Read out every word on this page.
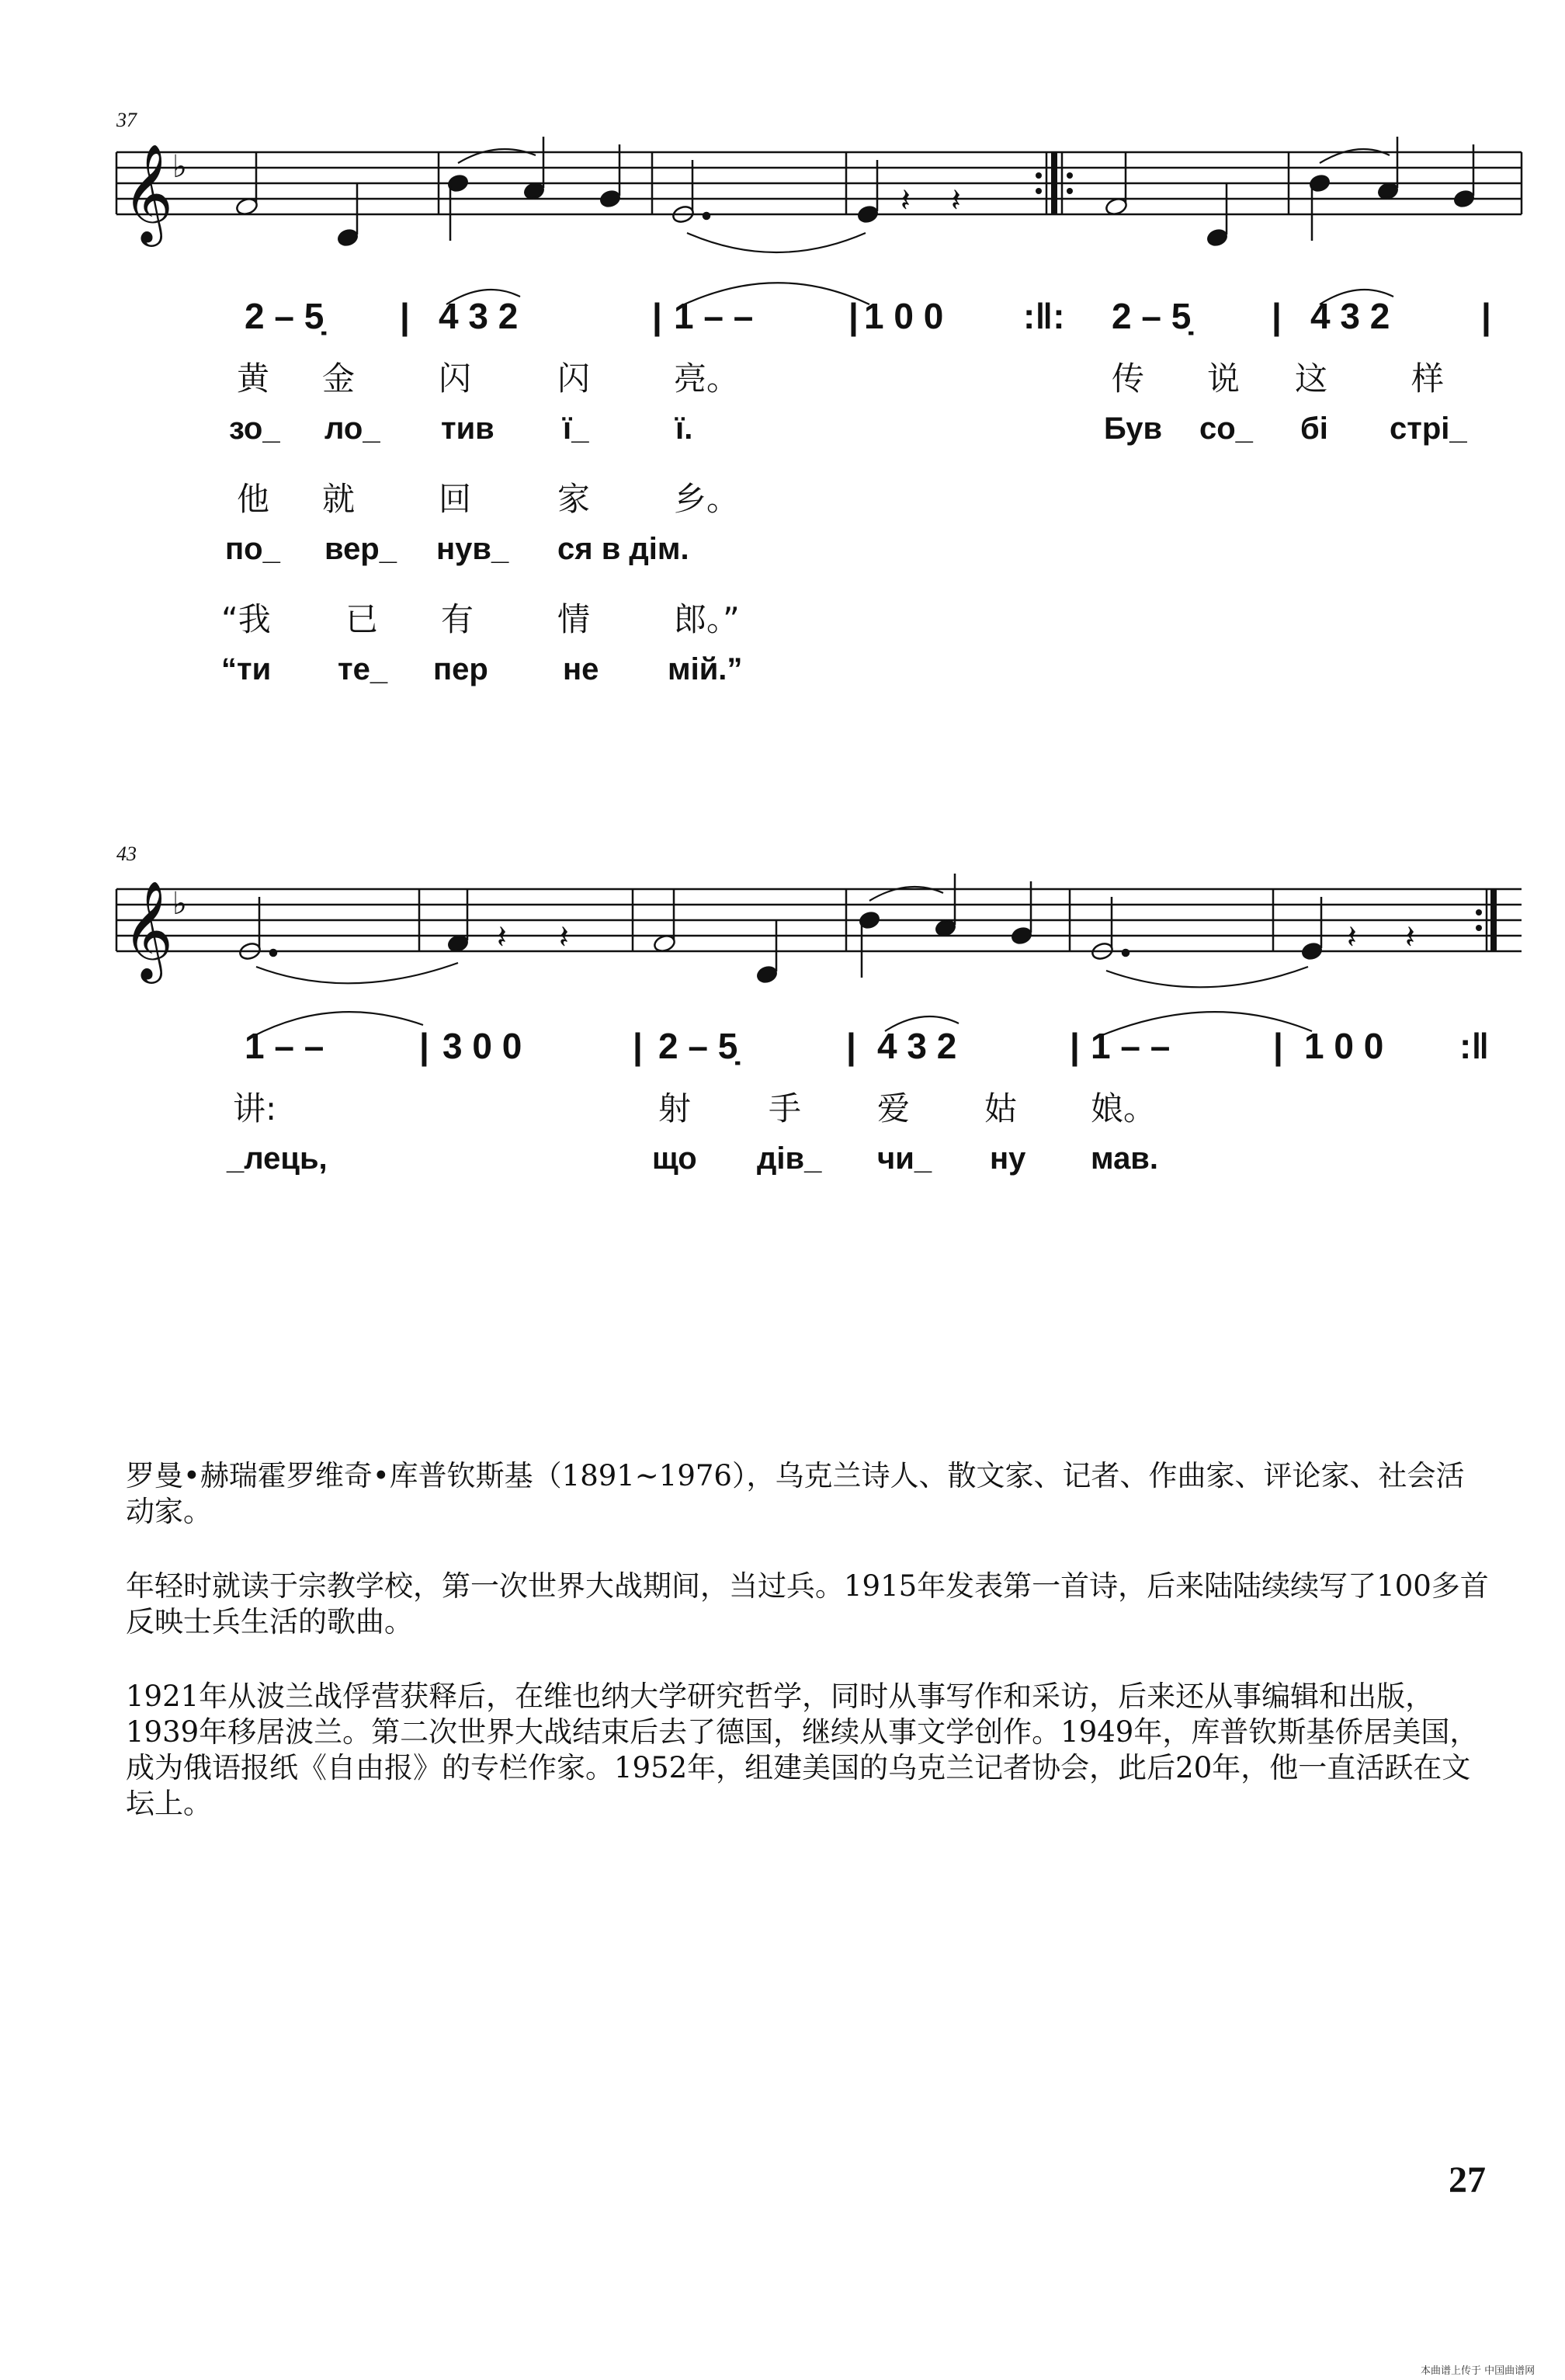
37
𝄞
♭
𝄽 𝄽
2 – 5̣ | 4 3 2	| 1 – –	| 1 0 0 :‖: 2 – 5̣ | 4 3 2	|
黄 金	闪	闪	亮。	传 说 这	样
зо_ ло_ тив ї_	ї.	Був со_ бі стрі_
他 就	回	家	乡。
по_ вер_ нув_ ся в дім.
“我 已 有	情	郎。”
“ти те_ пер не мій.”
43
𝄞
♭
𝄽 𝄽	𝄽 𝄽
1 – –	| 3 0 0	| 2 – 5̣	| 4 3 2	| 1 – –	| 1 0 0 :‖
讲:	射 手 爱 姑 娘。
_лець,	що дів_ чи_ ну мав.

罗曼•赫瑞霍罗维奇•库普钦斯基（1891~1976），乌克兰诗人、散文家、记者、作曲家、评论家、社会活动家。

年轻时就读于宗教学校，第一次世界大战期间，当过兵。1915年发表第一首诗，后来陆陆续续写了100多首反映士兵生活的歌曲。

1921年从波兰战俘营获释后，在维也纳大学研究哲学，同时从事写作和采访，后来还从事编辑和出版，1939年移居波兰。第二次世界大战结束后去了德国，继续从事文学创作。1949年，库普钦斯基侨居美国，成为俄语报纸《自由报》的专栏作家。1952年，组建美国的乌克兰记者协会，此后20年，他一直活跃在文坛上。

27
本曲谱上传于 中国曲谱网
